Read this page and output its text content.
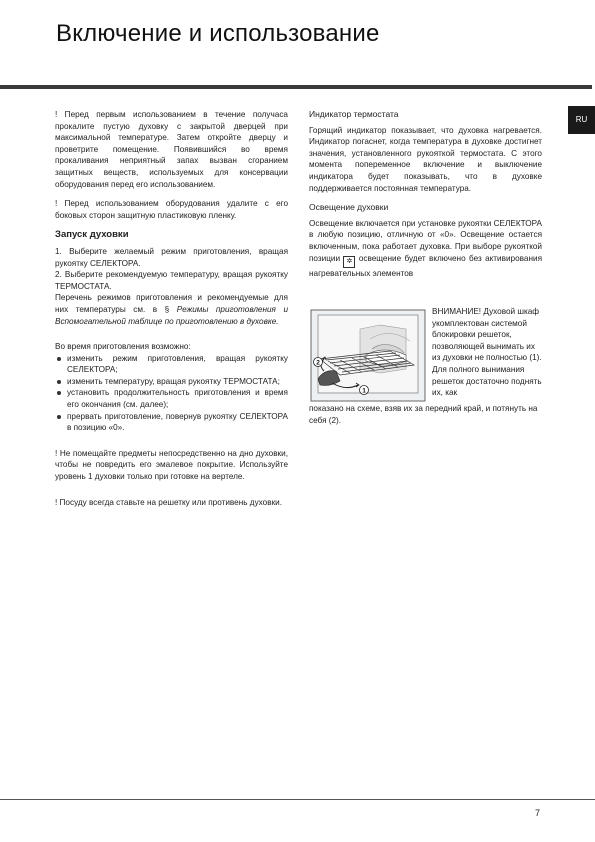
Включение и использование
RU

! Перед первым использованием в течение получаса прокалите пустую духовку с закрытой дверцей при максимальной температуре. Затем откройте дверцу и проветрите помещение. Появившийся во время прокаливания неприятный запах вызван сгоранием защитных веществ, используемых для консервации оборудования перед его использованием.

! Перед использованием оборудования удалите с его боковых сторон защитную пластиковую пленку.

Запуск духовки

1. Выберите желаемый режим приготовления, вращая рукоятку СЕЛЕКТОРА.

2. Выберите рекомендуемую температуру, вращая рукоятку ТЕРМОСТАТА.

Перечень режимов приготовления и рекомендуемые для них температуры см. в § Режимы приготовления и Вспомогательной таблице по приготовлению в духовке.

Во время приготовления возможно:

изменить режим приготовления, вращая рукоятку СЕЛЕКТОРА;
изменить температуру, вращая рукоятку ТЕРМОСТАТА;
установить продолжительность приготовления и время его окончания (см. далее);
прервать приготовление, повернув рукоятку СЕЛЕКТОРА в позицию «0».

! Не помещайте предметы непосредственно на дно духовки, чтобы не повредить его эмалевое покрытие. Используйте уровень 1 духовки только при готовке на вертеле.

! Посуду всегда ставьте на решетку или противень духовки.

Индикатор термостата

Горящий индикатор показывает, что духовка нагревается. Индикатор погаснет, когда температура в духовке достигнет значения, установленного рукояткой термостата. С этого момента попеременное включение и выключение индикатора будет показывать, что в духовке поддерживается постоянная температура.

Освещение духовки

Освещение включается при установке рукоятки СЕЛЕКТОРА в любую позицию, отличную от «0». Освещение остается включенным, пока работает духовка. При выборе рукояткой позиции ✲ освещение будет включено без активирования нагревательных элементов

2
1
ВНИМАНИЕ! Духовой шкаф укомплектован системой блокировки решеток, позволяющей вынимать их из духовки не полностью (1). Для полного вынимания решеток достаточно поднять их, как
показано на схеме, взяв их за передний край, и потянуть на себя (2).
7
